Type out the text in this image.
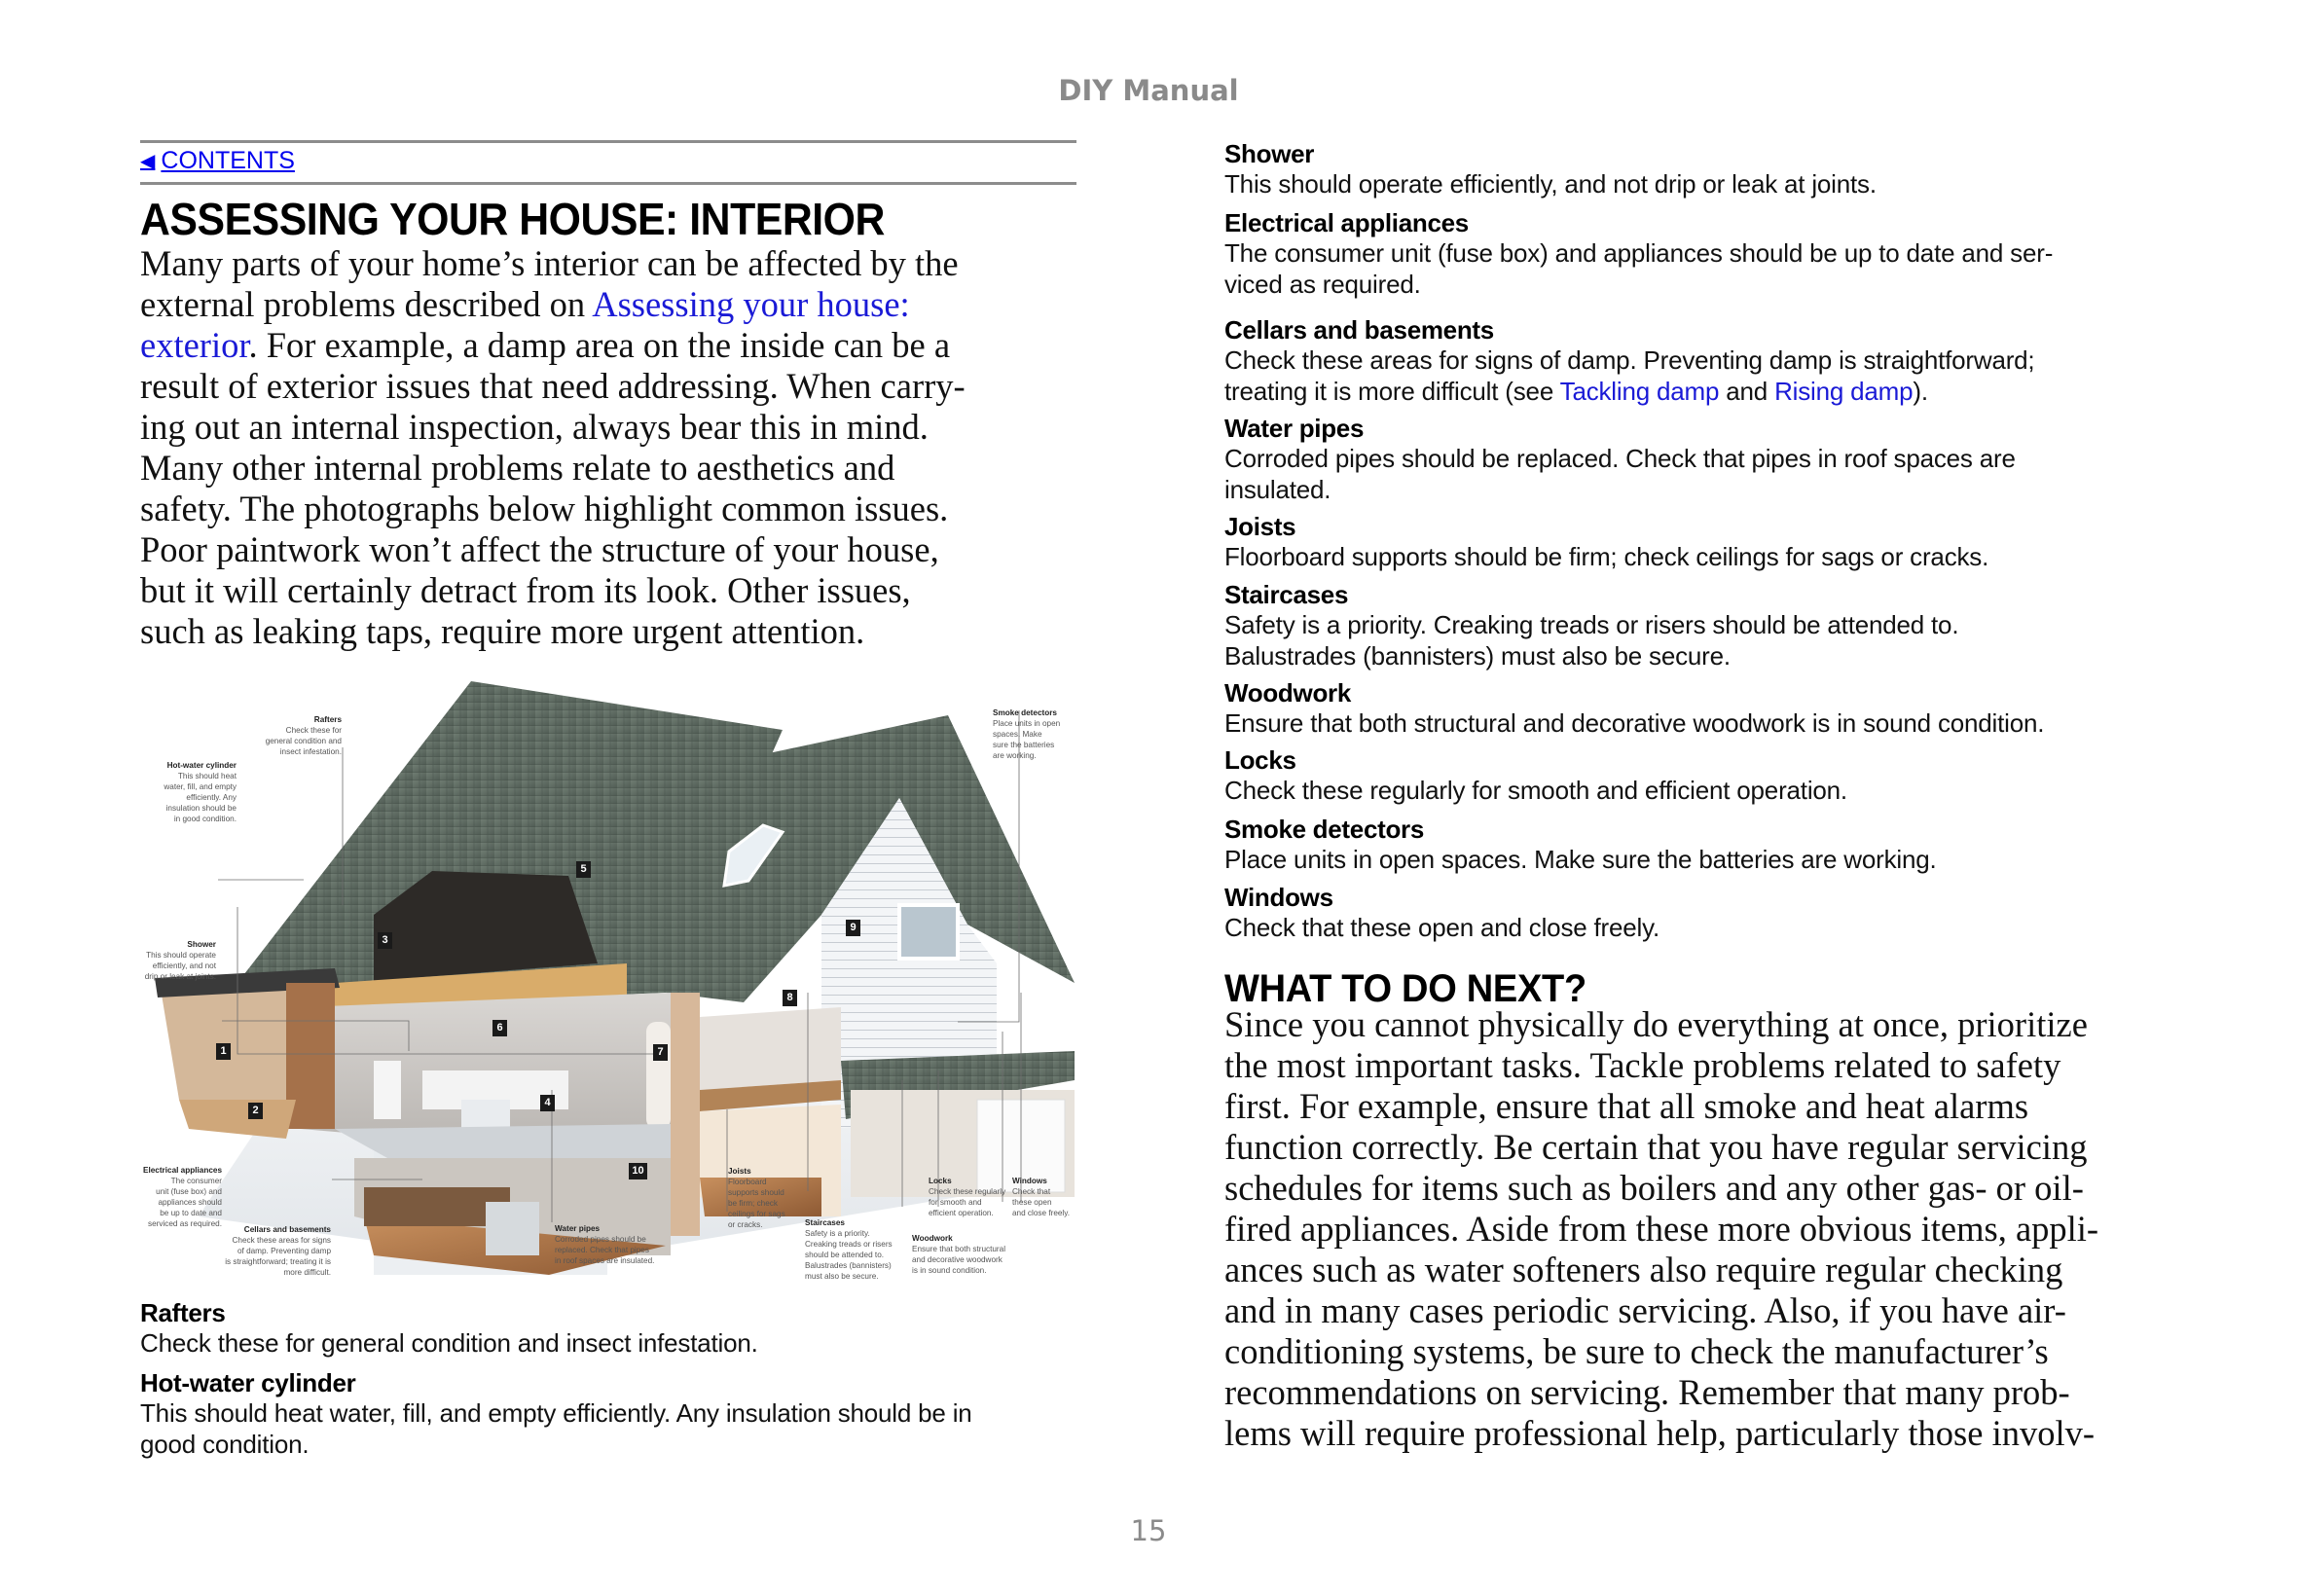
DIY Manual
◀ CONTENTS
ASSESSING YOUR HOUSE: INTERIOR
Many parts of your home’s interior can be affected by the
external problems described on Assessing your house:
exterior. For example, a damp area on the inside can be a
result of exterior issues that need addressing. When carry-
ing out an internal inspection, always bear this in mind.
Many other internal problems relate to aesthetics and
safety. The photographs below highlight common issues.
Poor paintwork won’t affect the structure of your house,
but it will certainly detract from its look. Other issues,
such as leaking taps, require more urgent attention.
Rafters
Check these for
general condition and
insect infestation.
Hot-water cylinder
This should heat
water, fill, and empty
efficiently. Any
insulation should be
in good condition.
Shower
This should operate
efficiently, and not
drip or leak at joints.
Electrical appliances
The consumer
unit (fuse box) and
appliances should
be up to date and
serviced as required.
Cellars and basements
Check these areas for signs
of damp. Preventing damp
is straightforward; treating it is
more difficult.
Water pipes
Corroded pipes should be
replaced. Check that pipes
in roof spaces are insulated.
Joists
Floorboard
supports should
be firm; check
ceilings for sags
or cracks.	Staircases
Safety is a priority.
Creaking treads or risers
should be attended to.
Balustrades (bannisters)
must also be secure.
Locks
Check these regularly
for smooth and
efficient operation.
Woodwork
Ensure that both structural
and decorative woodwork
is in sound condition.
Windows
Check that
these open
and close freely.
Smoke detectors
Place units in open
spaces. Make
sure the batteries
are working.
1
2
3
4
5
6
7
8
9
10
Rafters
Check these for general condition and insect infestation.
Hot-water cylinder
This should heat water, fill, and empty efficiently. Any insulation should be in
good condition.
WHAT TO DO NEXT?
Since you cannot physically do everything at once, prioritize
the most important tasks. Tackle problems related to safety
first. For example, ensure that all smoke and heat alarms
function correctly. Be certain that you have regular servicing
schedules for items such as boilers and any other gas- or oil-
fired appliances. Aside from these more obvious items, appli-
ances such as water softeners also require regular checking
and in many cases periodic servicing. Also, if you have air-
conditioning systems, be sure to check the manufacturer’s
recommendations on servicing. Remember that many prob-
lems will require professional help, particularly those involv-
Shower
This should operate efficiently, and not drip or leak at joints.
Electrical appliances
The consumer unit (fuse box) and appliances should be up to date and ser-
viced as required.
Cellars and basements
Check these areas for signs of damp. Preventing damp is straightforward;
treating it is more difficult (see Tackling damp and Rising damp).
Water pipes
Corroded pipes should be replaced. Check that pipes in roof spaces are
insulated.
Joists
Floorboard supports should be firm; check ceilings for sags or cracks.
Staircases
Safety is a priority. Creaking treads or risers should be attended to.
Balustrades (bannisters) must also be secure.
Woodwork
Ensure that both structural and decorative woodwork is in sound condition.
Locks
Check these regularly for smooth and efficient operation.
Smoke detectors
Place units in open spaces. Make sure the batteries are working.
Windows
Check that these open and close freely.
15
